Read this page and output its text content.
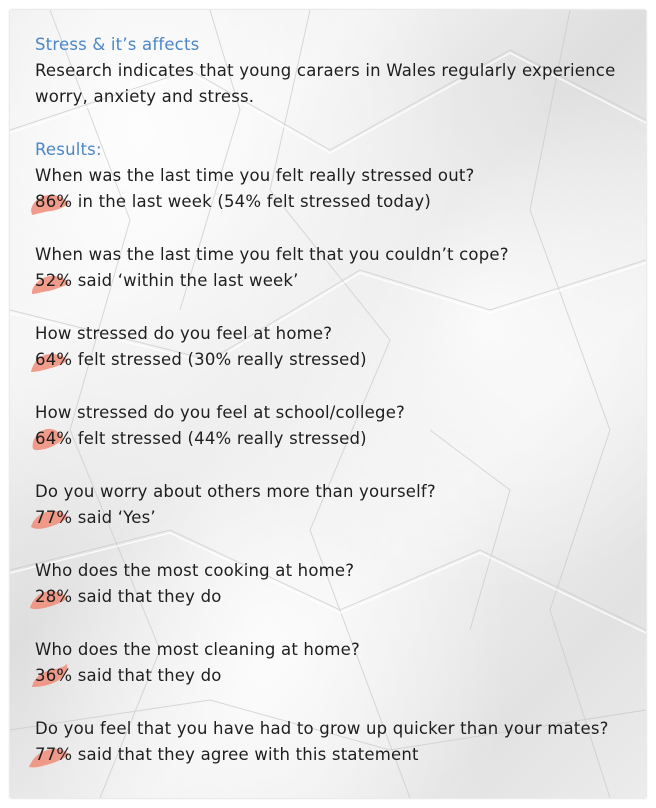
Stress & it’s affects
Research indicates that young caraers in Wales regularly experience
worry, anxiety and stress.
Results:
When was the last time you felt really stressed out?
86% in the last week (54% felt stressed today)
When was the last time you felt that you couldn’t cope?
52% said ‘within the last week’
How stressed do you feel at home?
64% felt stressed (30% really stressed)
How stressed do you feel at school/college?
64% felt stressed (44% really stressed)
Do you worry about others more than yourself?
77% said ‘Yes’
Who does the most cooking at home?
28% said that they do
Who does the most cleaning at home?
36% said that they do
Do you feel that you have had to grow up quicker than your mates?
77% said that they agree with this statement
